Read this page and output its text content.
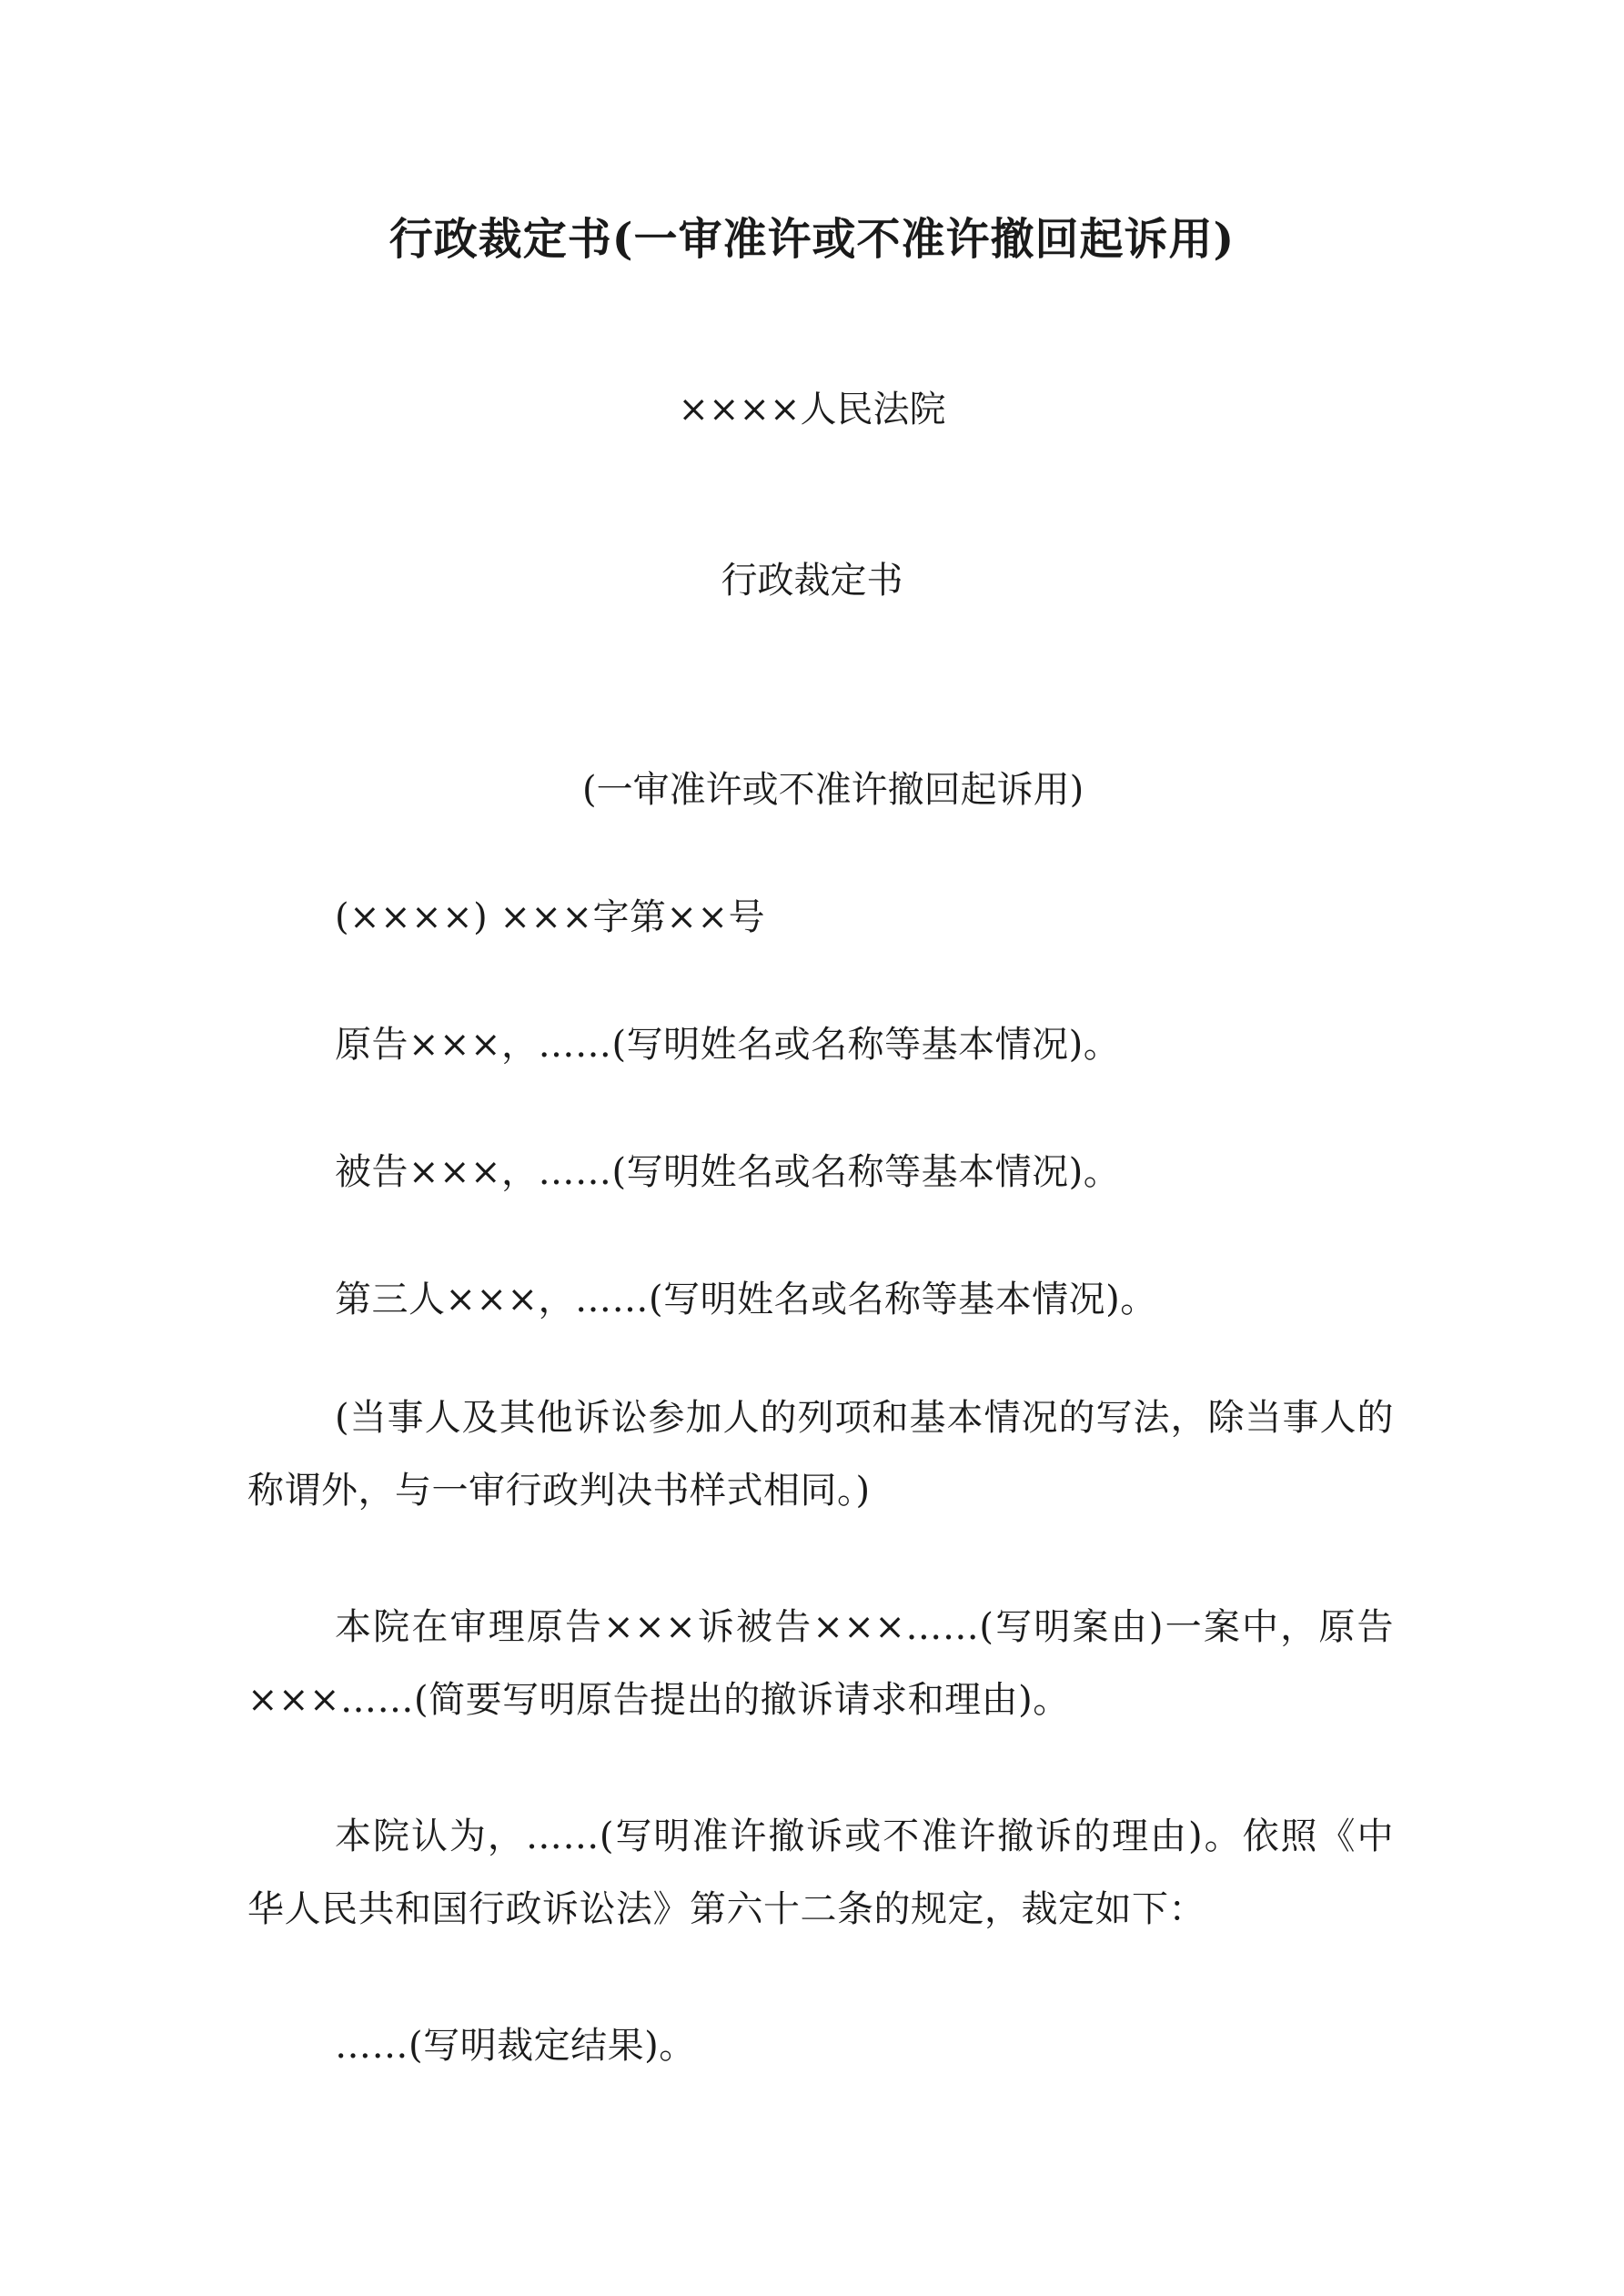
行政裁定书(一审准许或不准许撤回起诉用)

××××人民法院

行政裁定书

(一审准许或不准许撤回起诉用)

(××××) ×××字第××号

原告×××，……(写明姓名或名称等基本情况)。

被告×××，……(写明姓名或名称等基本情况)。

第三人×××，……(写明姓名或名称等基本情况)。

(当事人及其他诉讼参加人的列项和基本情况的写法，除当事人的称谓外，与一审行政判决书样式相同。)

本院在审理原告×××诉被告×××……(写明案由)一案中，原告×××……(简要写明原告提出的撤诉请求和理由)。

本院认为，……(写明准许撤诉或不准许撤诉的理由)。依照《中华人民共和国行政诉讼法》第六十二条的规定，裁定如下：

……(写明裁定结果)。
